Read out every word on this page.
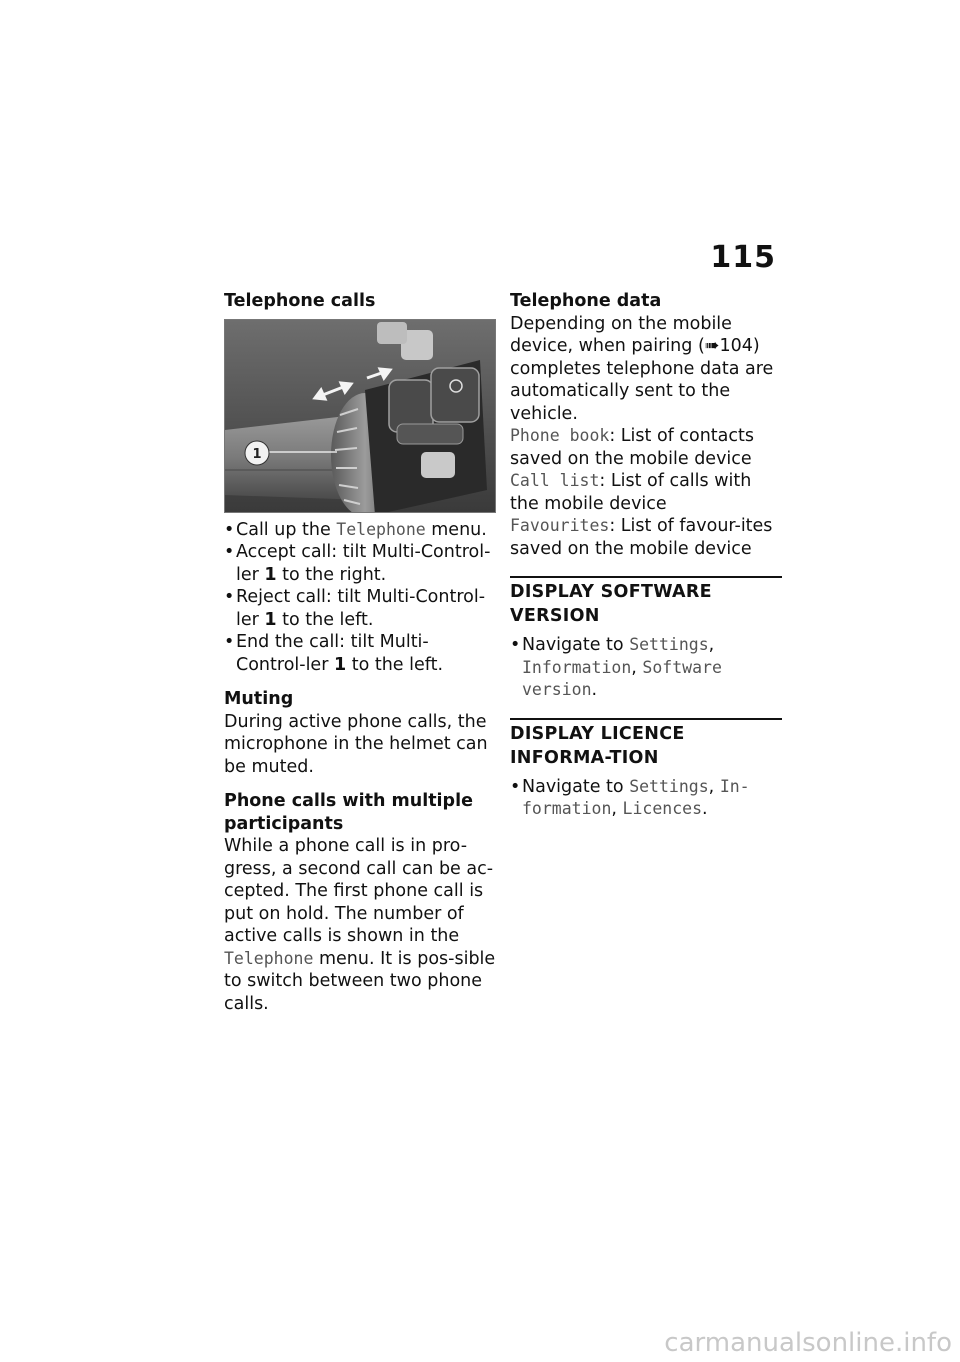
115

Telephone calls

1
• Call up the Telephone menu.
• Accept call: tilt Multi-Control-ler 1 to the right.
• Reject call: tilt Multi-Control-ler 1 to the left.
• End the call: tilt Multi-Control-ler 1 to the left.

Muting

During active phone calls, the microphone in the helmet can be muted.

Phone calls with multiple participants

While a phone call is in pro-gress, a second call can be ac-cepted. The first phone call is put on hold. The number of active calls is shown in the Telephone menu. It is pos-sible to switch between two phone calls.

Telephone data

Depending on the mobile device, when pairing (➠104) completes telephone data are automatically sent to the vehicle.

Phone book: List of contacts saved on the mobile device

Call list: List of calls with the mobile device

Favourites: List of favour-ites saved on the mobile device

DISPLAY SOFTWARE VERSION
• Navigate to Settings, Information, Software version.
DISPLAY LICENCE INFORMA-TION
• Navigate to Settings, In-formation, Licences.
carmanualsonline.info
